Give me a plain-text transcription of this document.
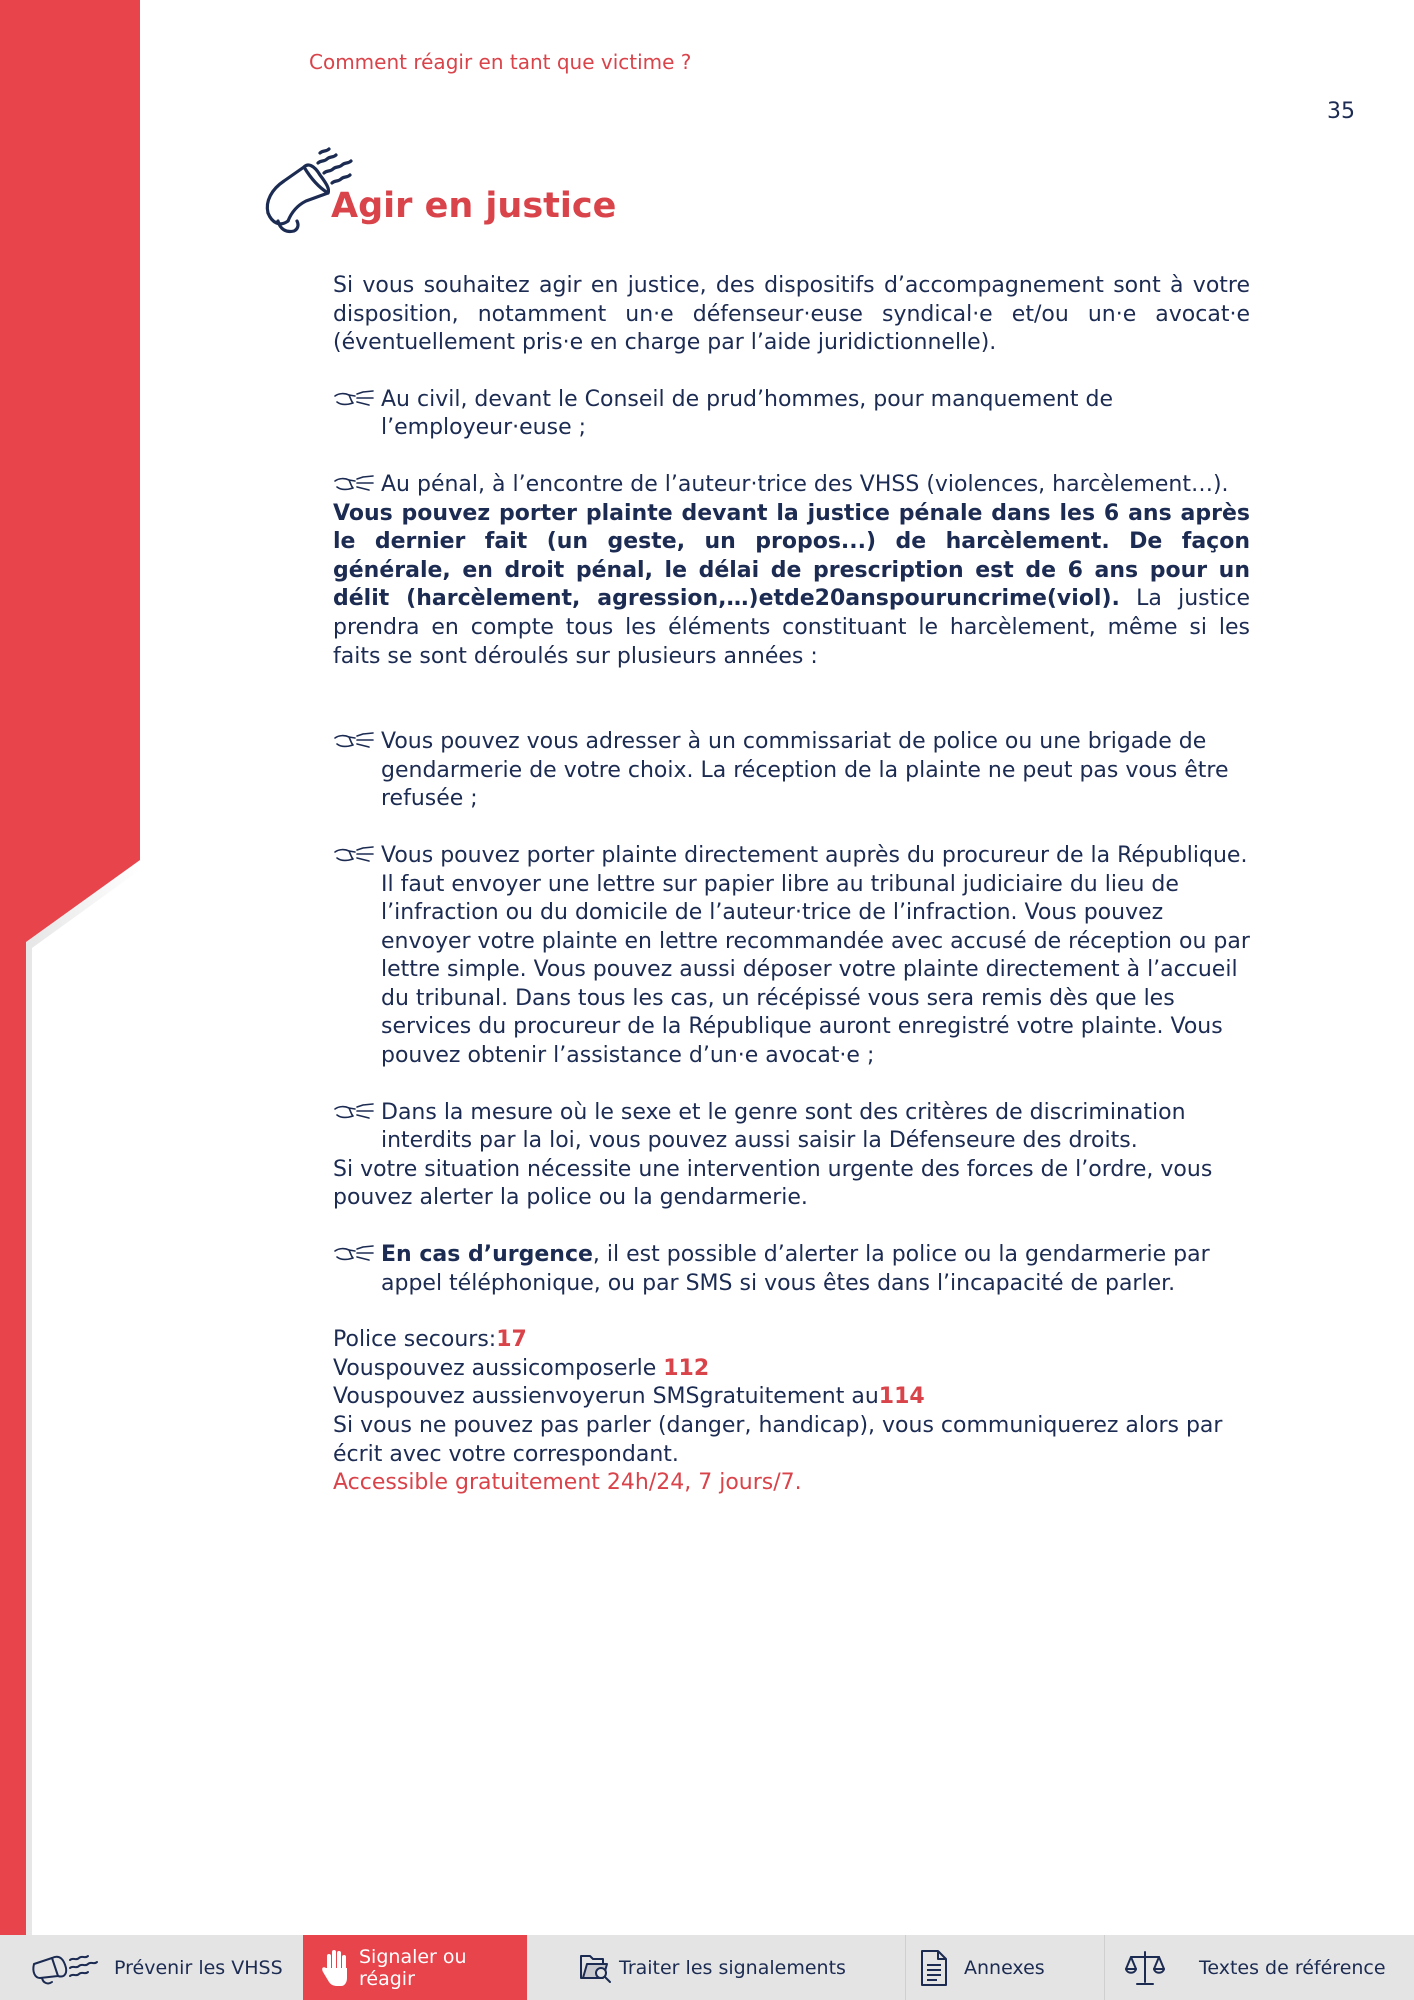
Comment réagir en tant que victime ?
35
Agir en justice

Si vous souhaitez agir en justice, des dispositifs d’accompagnement sont à votre disposition, notamment un·e défenseur·euse syndical·e et/ou un·e avocat·e (éventuellement pris·e en charge par l’aide juridictionnelle).

Au civil, devant le Conseil de prud’hommes, pour manquement de l’employeur·euse ;
Au pénal, à l’encontre de l’auteur·trice des VHSS (violences, harcèlement…).

Vous pouvez porter plainte devant la justice pénale dans les 6 ans après le dernier fait (un geste, un propos...) de harcèlement. De façon générale, en droit pénal, le délai de prescription est de 6 ans pour un délit (harcèlement, agression,…)etde20anspouruncrime(viol). La justice prendra en compte tous les éléments constituant le harcèlement, même si les faits se sont déroulés sur plusieurs années :

Vous pouvez vous adresser à un commissariat de police ou une brigade de gendarmerie de votre choix. La réception de la plainte ne peut pas vous être refusée ;
Vous pouvez porter plainte directement auprès du procureur de la République. Il faut envoyer une lettre sur papier libre au tribunal judiciaire du lieu de l’infraction ou du domicile de l’auteur·trice de l’infraction. Vous pouvez envoyer votre plainte en lettre recommandée avec accusé de réception ou par lettre simple. Vous pouvez aussi déposer votre plainte directement à l’accueil du tribunal. Dans tous les cas, un récépissé vous sera remis dès que les services du procureur de la République auront enregistré votre plainte. Vous pouvez obtenir l’assistance d’un·e avocat·e ;
Dans la mesure où le sexe et le genre sont des critères de discrimination interdits par la loi, vous pouvez aussi saisir la Défenseure des droits.

Si votre situation nécessite une intervention urgente des forces de l’ordre, vous pouvez alerter la police ou la gendarmerie.

En cas d’urgence, il est possible d’alerter la police ou la gendarmerie par appel téléphonique, ou par SMS si vous êtes dans l’incapacité de parler.

Police secours:17

Vouspouvez aussicomposerle 112

Vouspouvez aussienvoyerun SMSgratuitement au114

Si vous ne pouvez pas parler (danger, handicap), vous communiquerez alors par écrit avec votre correspondant.

Accessible gratuitement 24h/24, 7 jours/7.

Prévenir les VHSS	Signaler ou réagir	Traiter les signalements	Annexes	Textes de référence
